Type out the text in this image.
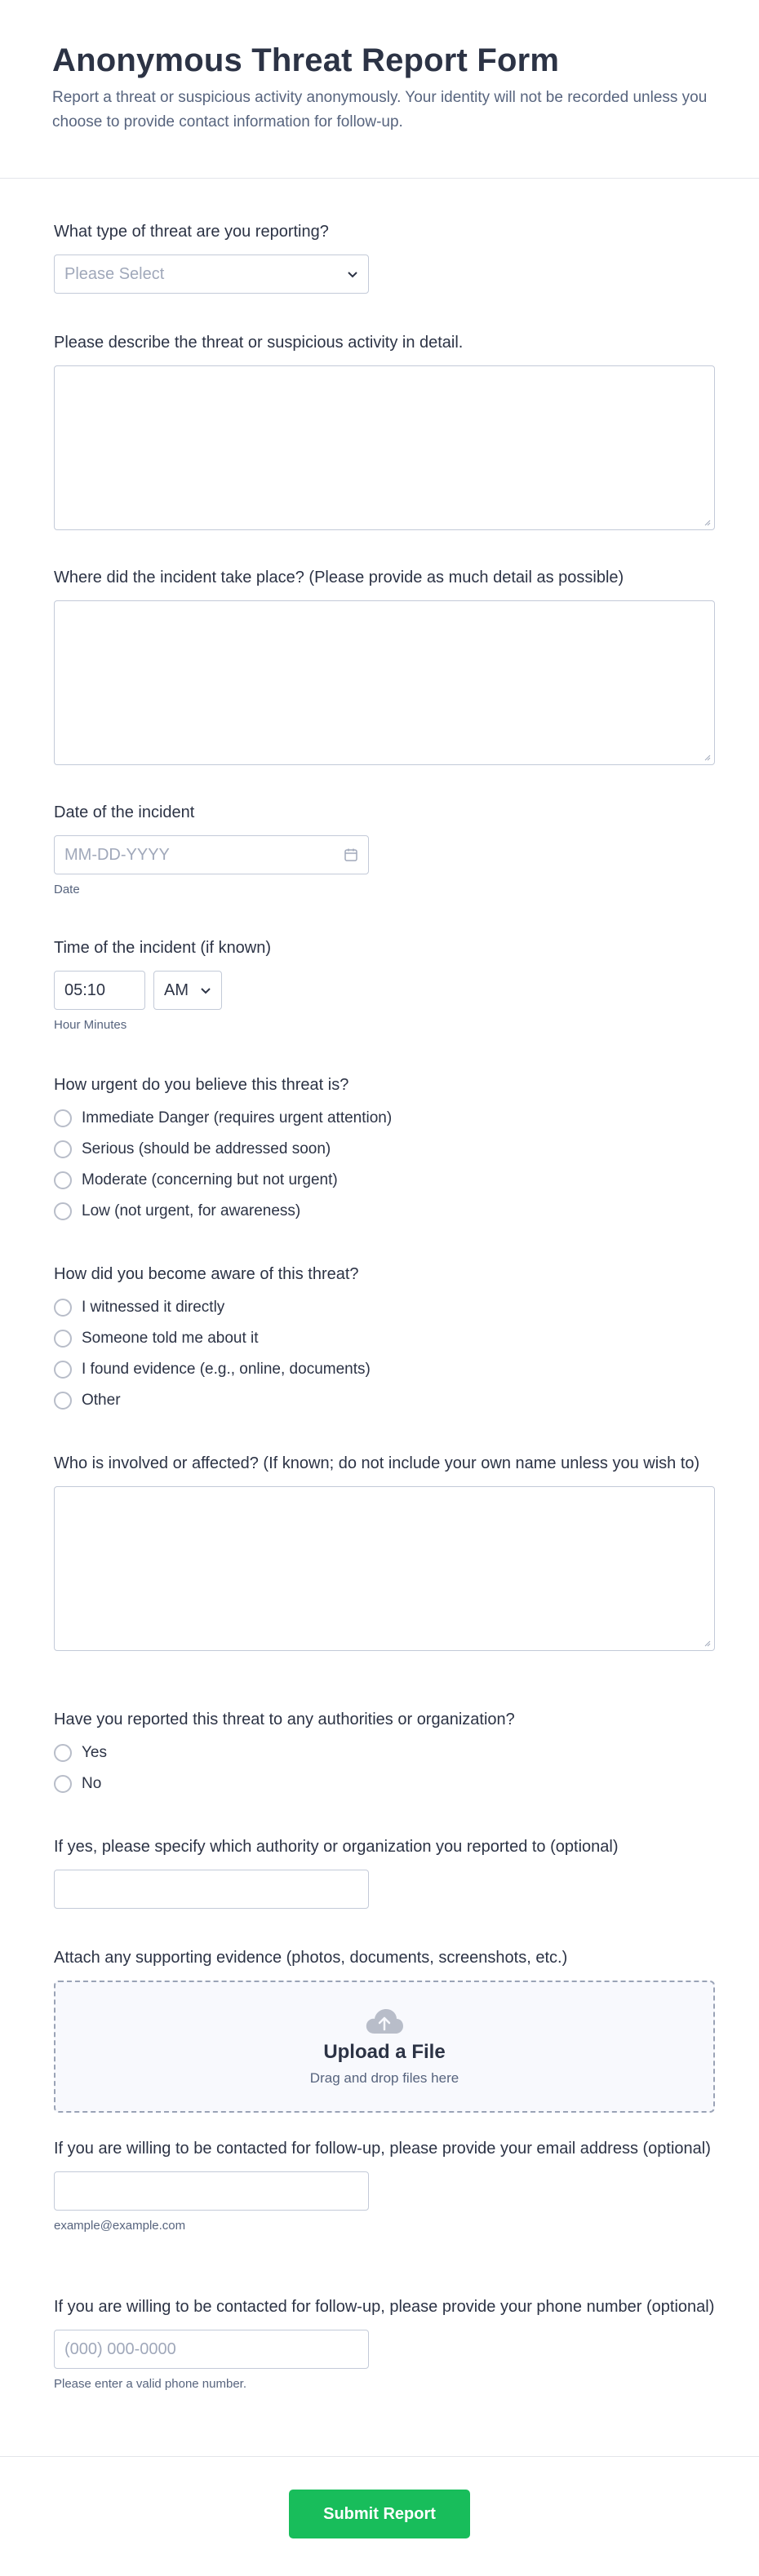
Anonymous Threat Report Form
Report a threat or suspicious activity anonymously. Your identity will not be recorded unless you choose to provide contact information for follow-up.
What type of threat are you reporting?
Please Select
Please describe the threat or suspicious activity in detail.
Where did the incident take place? (Please provide as much detail as possible)
Date of the incident
MM-DD-YYYY
Date
Time of the incident (if known)
05:10	AM
Hour Minutes
How urgent do you believe this threat is?
Immediate Danger (requires urgent attention)
Serious (should be addressed soon)
Moderate (concerning but not urgent)
Low (not urgent, for awareness)
How did you become aware of this threat?
I witnessed it directly
Someone told me about it
I found evidence (e.g., online, documents)
Other
Who is involved or affected? (If known; do not include your own name unless you wish to)
Have you reported this threat to any authorities or organization?
Yes
No
If yes, please specify which authority or organization you reported to (optional)
Attach any supporting evidence (photos, documents, screenshots, etc.)
Upload a File
Drag and drop files here
If you are willing to be contacted for follow-up, please provide your email address (optional)
example@example.com
If you are willing to be contacted for follow-up, please provide your phone number (optional)
(000) 000-0000
Please enter a valid phone number.
Submit Report
